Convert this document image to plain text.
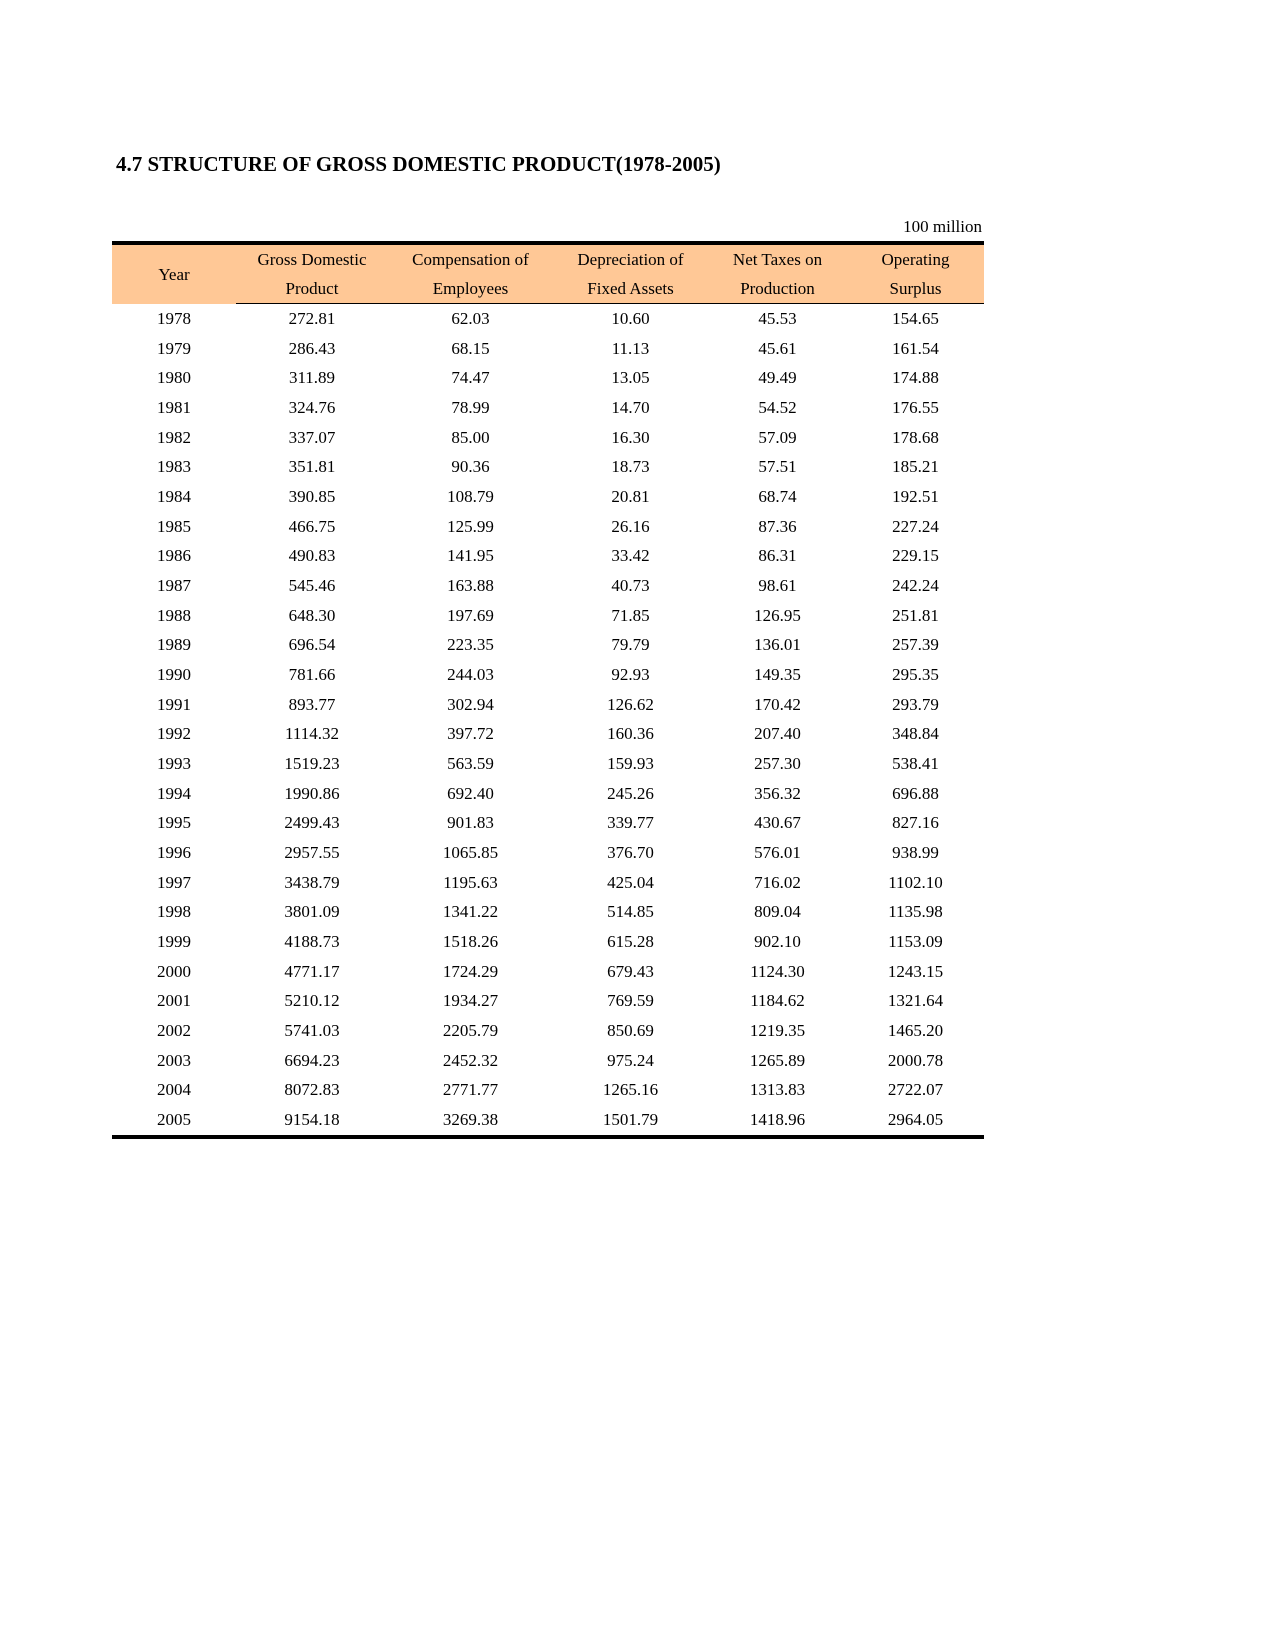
4.7 STRUCTURE OF GROSS DOMESTIC PRODUCT(1978-2005)
100 million
Year	Gross Domestic	Compensation of	Depreciation of	Net Taxes on	Operating
	Product	Employees	Fixed Assets	Production	Surplus
1978	272.81	62.03	10.60	45.53	154.65
1979	286.43	68.15	11.13	45.61	161.54
1980	311.89	74.47	13.05	49.49	174.88
1981	324.76	78.99	14.70	54.52	176.55
1982	337.07	85.00	16.30	57.09	178.68
1983	351.81	90.36	18.73	57.51	185.21
1984	390.85	108.79	20.81	68.74	192.51
1985	466.75	125.99	26.16	87.36	227.24
1986	490.83	141.95	33.42	86.31	229.15
1987	545.46	163.88	40.73	98.61	242.24
1988	648.30	197.69	71.85	126.95	251.81
1989	696.54	223.35	79.79	136.01	257.39
1990	781.66	244.03	92.93	149.35	295.35
1991	893.77	302.94	126.62	170.42	293.79
1992	1114.32	397.72	160.36	207.40	348.84
1993	1519.23	563.59	159.93	257.30	538.41
1994	1990.86	692.40	245.26	356.32	696.88
1995	2499.43	901.83	339.77	430.67	827.16
1996	2957.55	1065.85	376.70	576.01	938.99
1997	3438.79	1195.63	425.04	716.02	1102.10
1998	3801.09	1341.22	514.85	809.04	1135.98
1999	4188.73	1518.26	615.28	902.10	1153.09
2000	4771.17	1724.29	679.43	1124.30	1243.15
2001	5210.12	1934.27	769.59	1184.62	1321.64
2002	5741.03	2205.79	850.69	1219.35	1465.20
2003	6694.23	2452.32	975.24	1265.89	2000.78
2004	8072.83	2771.77	1265.16	1313.83	2722.07
2005	9154.18	3269.38	1501.79	1418.96	2964.05
